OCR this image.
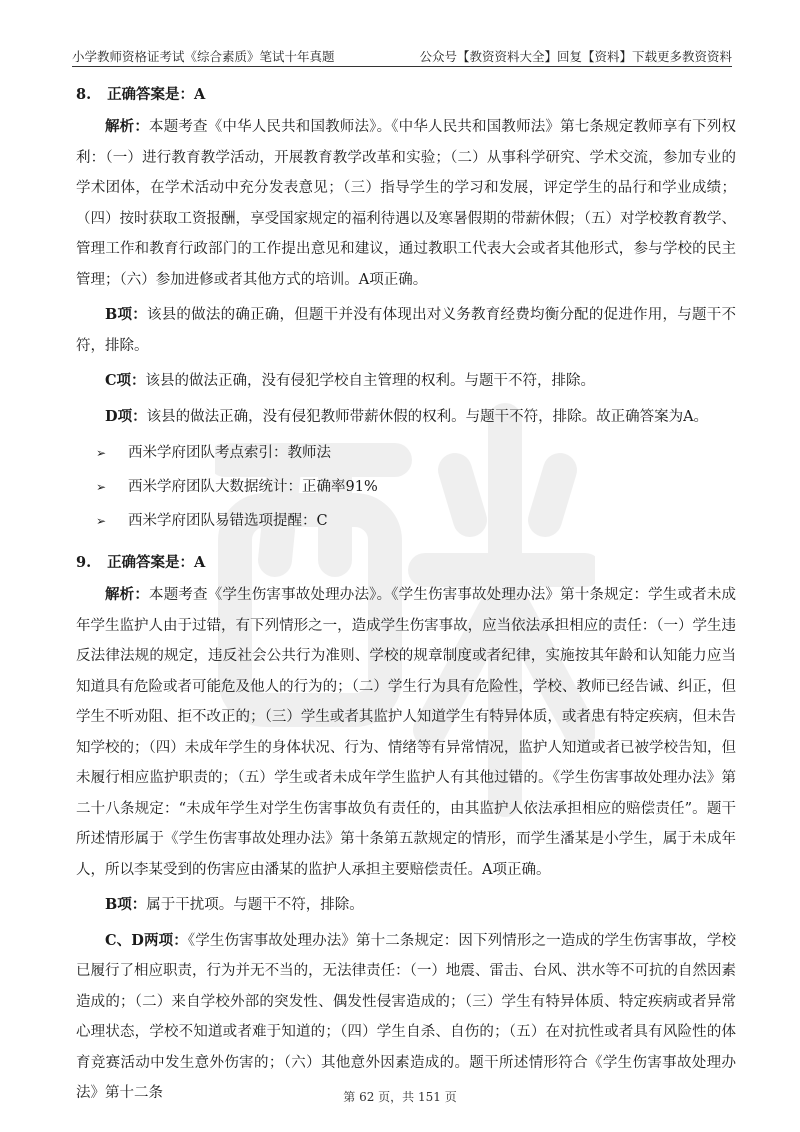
小学教师资格证考试《综合素质》笔试十年真题	公众号【教资资料大全】回复【资料】下载更多教资资料

8. 正确答案是：A

解析：本题考查《中华人民共和国教师法》。《中华人民共和国教师法》第七条规定教师享有下列权利：（一）进行教育教学活动，开展教育教学改革和实验；（二）从事科学研究、学术交流，参加专业的学术团体，在学术活动中充分发表意见；（三）指导学生的学习和发展，评定学生的品行和学业成绩；（四）按时获取工资报酬，享受国家规定的福利待遇以及寒暑假期的带薪休假；（五）对学校教育教学、管理工作和教育行政部门的工作提出意见和建议，通过教职工代表大会或者其他形式，参与学校的民主管理；（六）参加进修或者其他方式的培训。A项正确。

B项：该县的做法的确正确，但题干并没有体现出对义务教育经费均衡分配的促进作用，与题干不符，排除。

C项：该县的做法正确，没有侵犯学校自主管理的权利。与题干不符，排除。

D项：该县的做法正确，没有侵犯教师带薪休假的权利。与题干不符，排除。故正确答案为A。

➢ 西米学府团队考点索引：教师法
➢ 西米学府团队大数据统计：正确率91%
➢ 西米学府团队易错选项提醒：C

9. 正确答案是：A

解析：本题考查《学生伤害事故处理办法》。《学生伤害事故处理办法》第十条规定：学生或者未成年学生监护人由于过错，有下列情形之一，造成学生伤害事故，应当依法承担相应的责任：（一）学生违反法律法规的规定，违反社会公共行为准则、学校的规章制度或者纪律，实施按其年龄和认知能力应当知道具有危险或者可能危及他人的行为的；（二）学生行为具有危险性，学校、教师已经告诫、纠正，但学生不听劝阻、拒不改正的；（三）学生或者其监护人知道学生有特异体质，或者患有特定疾病，但未告知学校的；（四）未成年学生的身体状况、行为、情绪等有异常情况，监护人知道或者已被学校告知，但未履行相应监护职责的；（五）学生或者未成年学生监护人有其他过错的。《学生伤害事故处理办法》第二十八条规定：“未成年学生对学生伤害事故负有责任的，由其监护人依法承担相应的赔偿责任”。题干所述情形属于《学生伤害事故处理办法》第十条第五款规定的情形，而学生潘某是小学生，属于未成年人，所以李某受到的伤害应由潘某的监护人承担主要赔偿责任。A项正确。

B项：属于干扰项。与题干不符，排除。

C、D两项：《学生伤害事故处理办法》第十二条规定：因下列情形之一造成的学生伤害事故，学校已履行了相应职责，行为并无不当的，无法律责任：（一）地震、雷击、台风、洪水等不可抗的自然因素造成的；（二）来自学校外部的突发性、偶发性侵害造成的；（三）学生有特异体质、特定疾病或者异常心理状态，学校不知道或者难于知道的；（四）学生自杀、自伤的；（五）在对抗性或者具有风险性的体育竞赛活动中发生意外伤害的；（六）其他意外因素造成的。题干所述情形符合《学生伤害事故处理办法》第十二条	第 62 页，共 151 页
